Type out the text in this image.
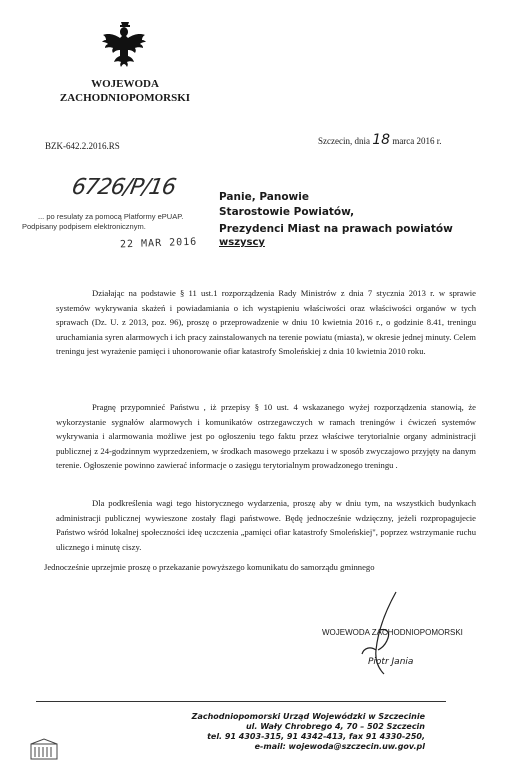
WOJEWODA
ZACHODNIOPOMORSKI
BZK-642.2.2016.RS	Szczecin, dnia 18 marca 2016 r.
6726/P/16
... po resulatу za pomocą Platformy ePUAP.
Podpisany podpisem elektronicznym.
22 MAR 2016
Panie, Panowie
Starostowie Powiatów,
Prezydenci Miast na prawach powiatów
wszyscy
Działając na podstawie § 11 ust.1 rozporządzenia Rady Ministrów z dnia 7 stycznia 2013 r. w sprawie systemów wykrywania skażeń i powiadamiania o ich wystąpieniu właściwości oraz właściwości organów w tych sprawach (Dz. U. z 2013, poz. 96), proszę o przeprowadzenie w dniu 10 kwietnia 2016 r., o godzinie 8.41, treningu uruchamiania syren alarmowych i ich pracy zainstalowanych na terenie powiatu (miasta), w okresie jednej minuty. Celem treningu jest wyrażenie pamięci i uhonorowanie ofiar katastrofy Smoleńskiej z dnia 10 kwietnia 2010 roku.
Pragnę przypomnieć Państwu , iż przepisy § 10 ust. 4 wskazanego wyżej rozporządzenia stanowią, że wykorzystanie sygnałów alarmowych i komunikatów ostrzegawczych w ramach treningów i ćwiczeń systemów wykrywania i alarmowania możliwe jest po ogłoszeniu tego faktu przez właściwe terytorialnie organy administracji publicznej z 24-godzinnym wyprzedzeniem, w środkach masowego przekazu i w sposób zwyczajowo przyjęty na danym terenie. Ogłoszenie powinno zawierać informacje o zasięgu terytorialnym prowadzonego treningu .
Dla podkreślenia wagi tego historycznego wydarzenia, proszę aby w dniu tym, na wszystkich budynkach administracji publicznej wywieszone zostały flagi państwowe. Będę jednocześnie wdzięczny, jeżeli rozpropagujecie Państwo wśród lokalnej społeczności ideę uczczenia „pamięci ofiar katastrofy Smoleńskiej", poprzez wstrzymanie ruchu ulicznego i minutę ciszy.
Jednocześnie uprzejmie proszę o przekazanie powyższego komunikatu do samorządu gminnego
WOJEWODA ZACHODNIOPOMORSKI
Piotr Jania
Zachodniopomorski Urząd Wojewódzki w Szczecinie
ul. Wały Chrobrego 4, 70 – 502 Szczecin
tel. 91 4303-315, 91 4342-413, fax 91 4330-250,
e-mail: wojewoda@szczecin.uw.gov.pl
